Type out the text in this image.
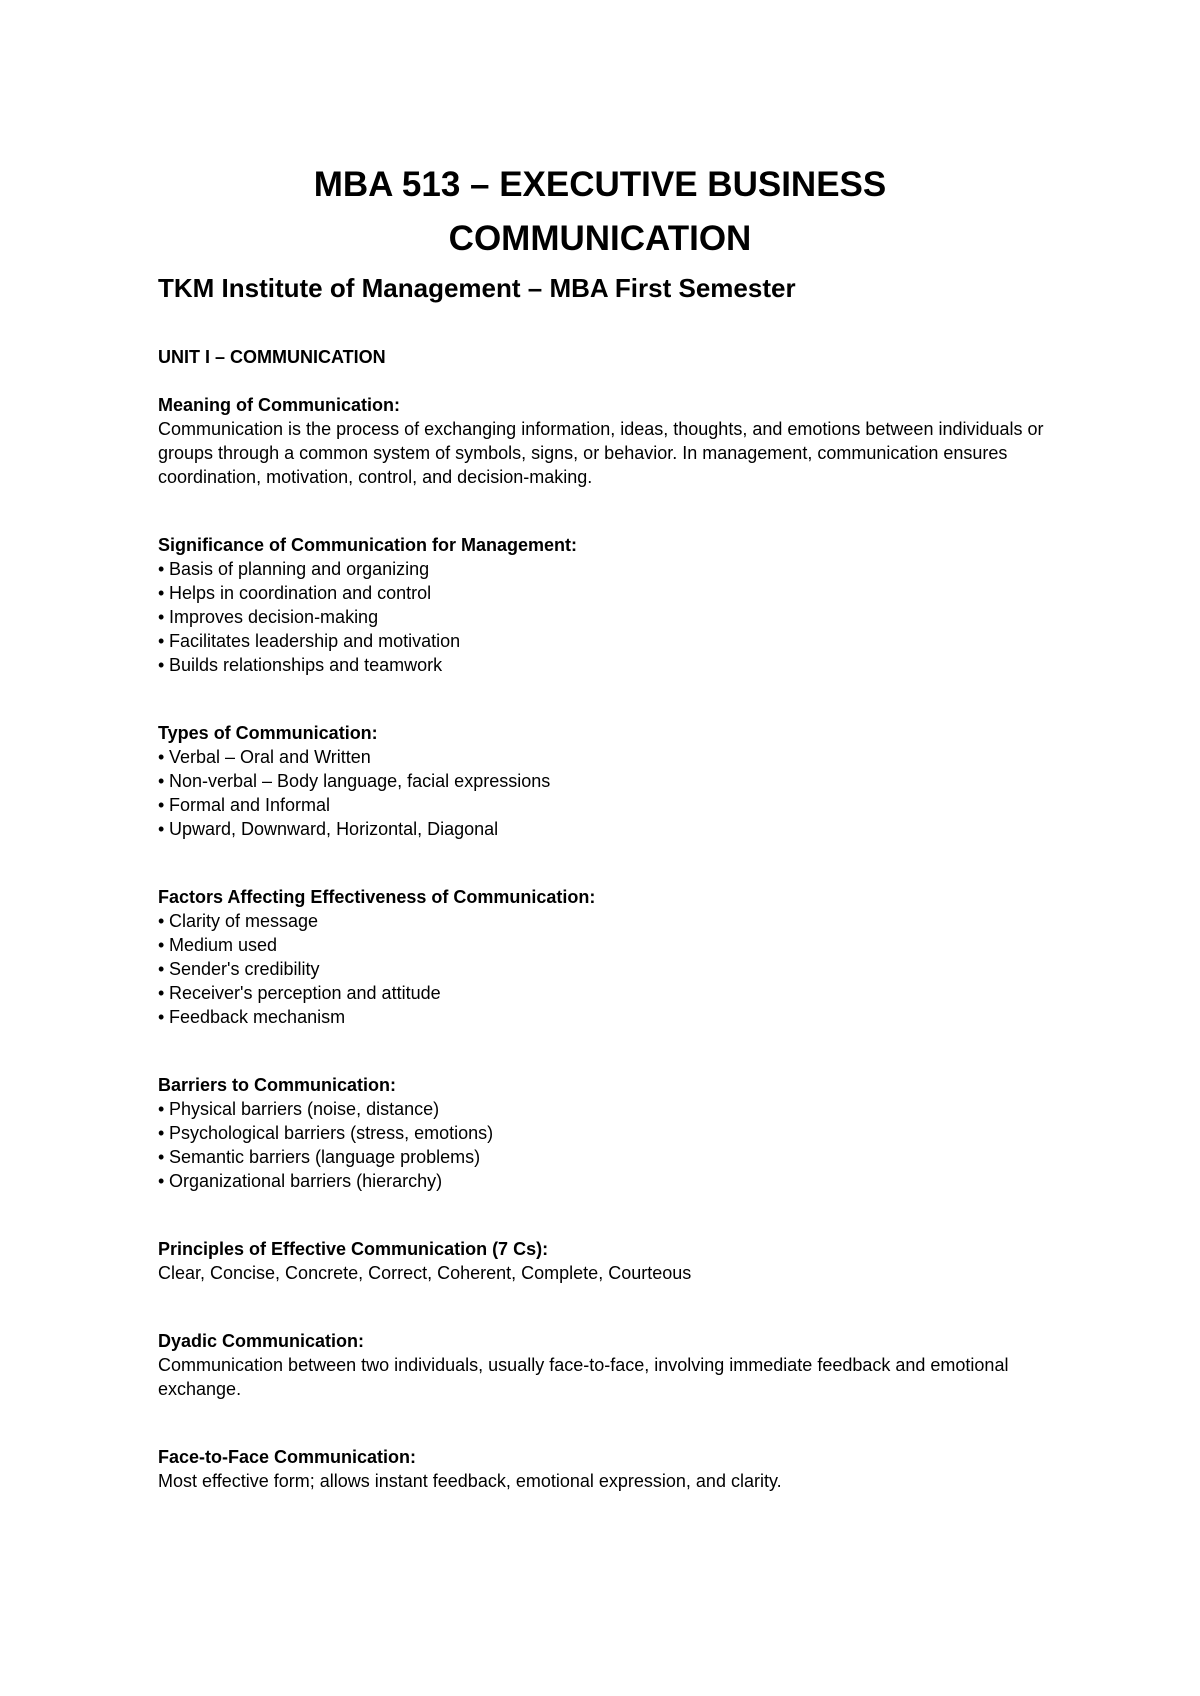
MBA 513 – EXECUTIVE BUSINESS
COMMUNICATION
TKM Institute of Management – MBA First Semester
UNIT I – COMMUNICATION

Meaning of Communication:

Communication is the process of exchanging information, ideas, thoughts, and emotions between individuals or groups through a common system of symbols, signs, or behavior. In management, communication ensures coordination, motivation, control, and decision-making.

Significance of Communication for Management:

• Basis of planning and organizing
• Helps in coordination and control
• Improves decision-making
• Facilitates leadership and motivation
• Builds relationships and teamwork

Types of Communication:

• Verbal – Oral and Written
• Non-verbal – Body language, facial expressions
• Formal and Informal
• Upward, Downward, Horizontal, Diagonal

Factors Affecting Effectiveness of Communication:

• Clarity of message
• Medium used
• Sender's credibility
• Receiver's perception and attitude
• Feedback mechanism

Barriers to Communication:

• Physical barriers (noise, distance)
• Psychological barriers (stress, emotions)
• Semantic barriers (language problems)
• Organizational barriers (hierarchy)

Principles of Effective Communication (7 Cs):

Clear, Concise, Concrete, Correct, Coherent, Complete, Courteous

Dyadic Communication:

Communication between two individuals, usually face-to-face, involving immediate feedback and emotional exchange.

Face-to-Face Communication:

Most effective form; allows instant feedback, emotional expression, and clarity.
